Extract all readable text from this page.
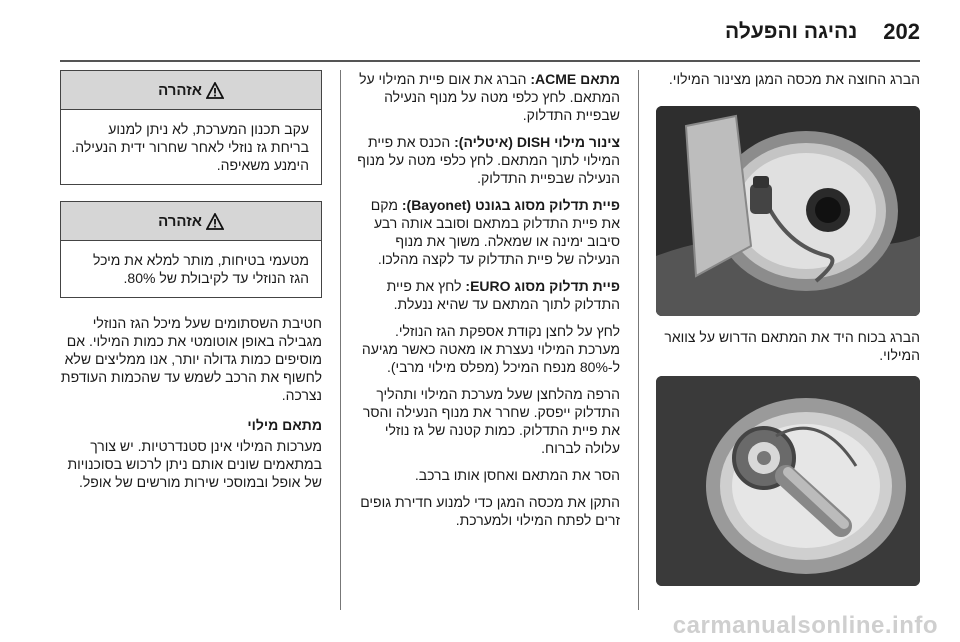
202
נהיגה והפעלה

הברג החוצה את מכסה המגן מצינור המילוי.

הברג בכוח היד את המתאם הדרוש על צוואר המילוי.

מתאם ACME: הברג את אום פיית המילוי על המתאם. לחץ כלפי מטה על מנוף הנעילה שבפיית התדלוק.

צינור מילוי DISH (איטליה): הכנס את פיית המילוי לתוך המתאם. לחץ כלפי מטה על מנוף הנעילה שבפיית התדלוק.

פיית תדלוק מסוג בגונט (Bayonet): מקם את פיית התדלוק במתאם וסובב אותה רבע סיבוב ימינה או שמאלה. משוך את מנוף הנעילה של פיית התדלוק עד לקצה מהלכו.

פיית תדלוק מסוג EURO: לחץ את פיית התדלוק לתוך המתאם עד שהיא ננעלת.

לחץ על לחצן נקודת אספקת הגז הנוזלי. מערכת המילוי נעצרת או מאטה כאשר מגיעה ל-80% מנפח המיכל (מפלס מילוי מרבי).

הרפה מהלחצן שעל מערכת המילוי ותהליך התדלוק ייפסק. שחרר את מנוף הנעילה והסר את פיית התדלוק. כמות קטנה של גז נוזלי עלולה לברוח.

הסר את המתאם ואחסן אותו ברכב.

התקן את מכסה המגן כדי למנוע חדירת גופים זרים לפתח המילוי ולמערכת.

אזהרה

עקב תכנון המערכת, לא ניתן למנוע בריחת גז נוזלי לאחר שחרור ידית הנעילה. הימנע משאיפה.

אזהרה

מטעמי בטיחות, מותר למלא את מיכל הגז הנוזלי עד לקיבולת של 80%.

חטיבת השסתומים שעל מיכל הגז הנוזלי מגבילה באופן אוטומטי את כמות המילוי. אם מוסיפים כמות גדולה יותר, אנו ממליצים שלא לחשוף את הרכב לשמש עד שהכמות העודפת נצרכה.

מתאם מילוי

מערכות המילוי אינן סטנדרטיות. יש צורך במתאמים שונים אותם ניתן לרכוש בסוכנויות של אופל ובמוסכי שירות מורשים של אופל.

carmanualsonline.info
